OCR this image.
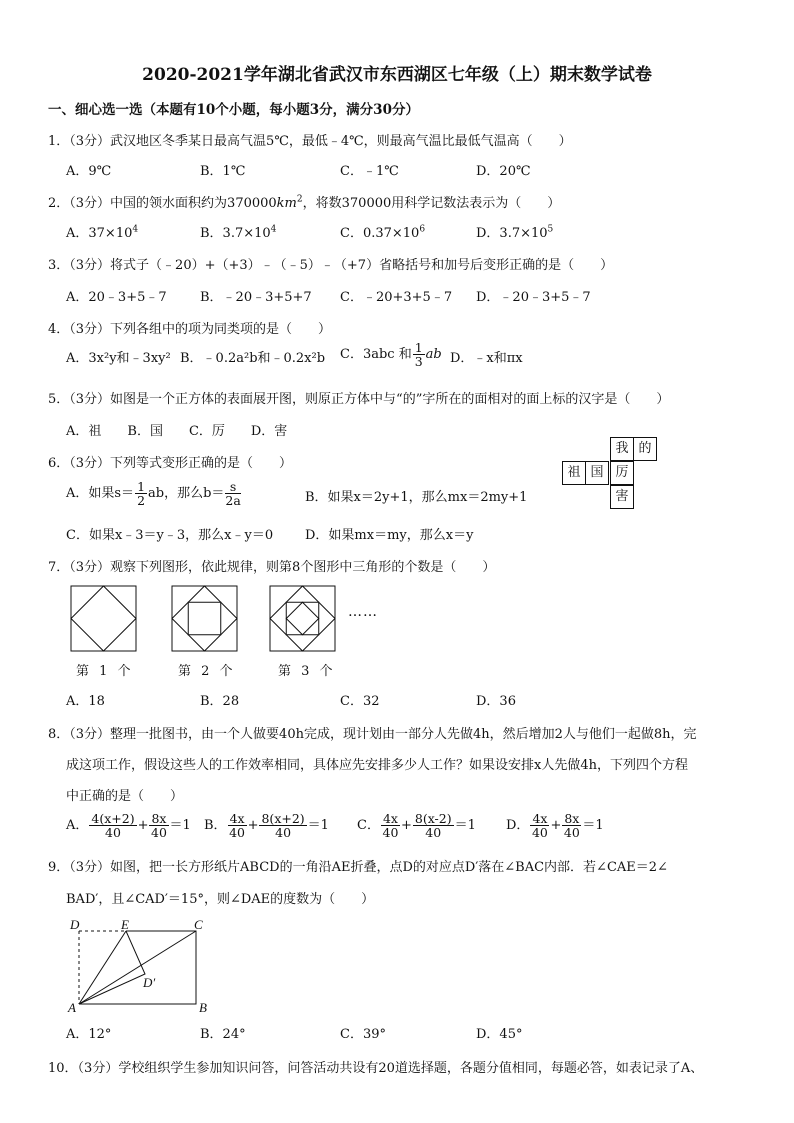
2020-2021学年湖北省武汉市东西湖区七年级（上）期末数学试卷
一、细心选一选（本题有10个小题，每小题3分，满分30分）
1．（3分）武汉地区冬季某日最高气温5℃，最低﹣4℃，则最高气温比最低气温高（　　）
A．9℃	B．1℃	C．﹣1℃	D．20℃
2．（3分）中国的领水面积约为$370000km^2$，将数370000用科学记数法表示为（　　）
A．$37\times 10^4$	B．$3.7\times 10^4$	C．$0.37\times 10^6$	D．$3.7\times 10^5$
3．（3分）将式子（﹣20）+（+3）﹣（﹣5）﹣（+7）省略括号和加号后变形正确的是（　　）
A．20﹣3+5﹣7	B．﹣20﹣3+5+7 C．﹣20+3+5﹣7 D．﹣20﹣3+5﹣7
4．（3分）下列各组中的项为同类项的是（　　）
A．3x²y和﹣3xy² B．﹣0.2a²b和﹣0.2x²b C．3abc 和 $\frac{1}{3}$ ab D．﹣x和πx
5．（3分）如图是一个正方体的表面展开图，则原正方体中与“的”字所在的面相对的面上标的汉字是（　　）
A．祖　　B．国　　C．厉　　D．害
我 的
祖 国 厉
害
6．（3分）下列等式变形正确的是（　　）
A．如果$s= \frac{1}{2}$ ab，那么$b= \frac{s}{2a}$	B．如果x＝2y+1，那么mx＝2my+1
C．如果x﹣3＝y﹣3，那么x﹣y＝0 D．如果mx＝my，那么x＝y
7．（3分）观察下列图形，依此规律，则第8个图形中三角形的个数是（　　）
……
第 1 个	第 2 个	第 3 个
A．18	B．28	C．32	D．36
8．（3分）整理一批图书，由一个人做要40h完成，现计划由一部分人先做4h，然后增加2人与他们一起做8h，完
成这项工作，假设这些人的工作效率相同，具体应先安排多少人工作？如果设安排x人先做4h，下列四个方程
中正确的是（　　）
A． $\frac{4(x+2)}{40} + \frac{8x}{40} =1$ B． $\frac{4x}{40} + \frac{8(x+2)}{40} =1$ C． $\frac{4x}{40} + \frac{8(x-2)}{40} =1$ D． $\frac{4x}{40} + \frac{8x}{40} =1$
9．（3分）如图，把一长方形纸片ABCD的一角沿AE折叠，点D的对应点D′落在∠BAC内部．若∠CAE＝2∠
BAD′，且∠CAD′＝15°，则∠DAE的度数为（　　）
D	E	C
D′
A	B
A．12°	B．24°	C．39°	D．45°
10．（3分）学校组织学生参加知识问答，问答活动共设有20道选择题，各题分值相同，每题必答，如表记录了A、
